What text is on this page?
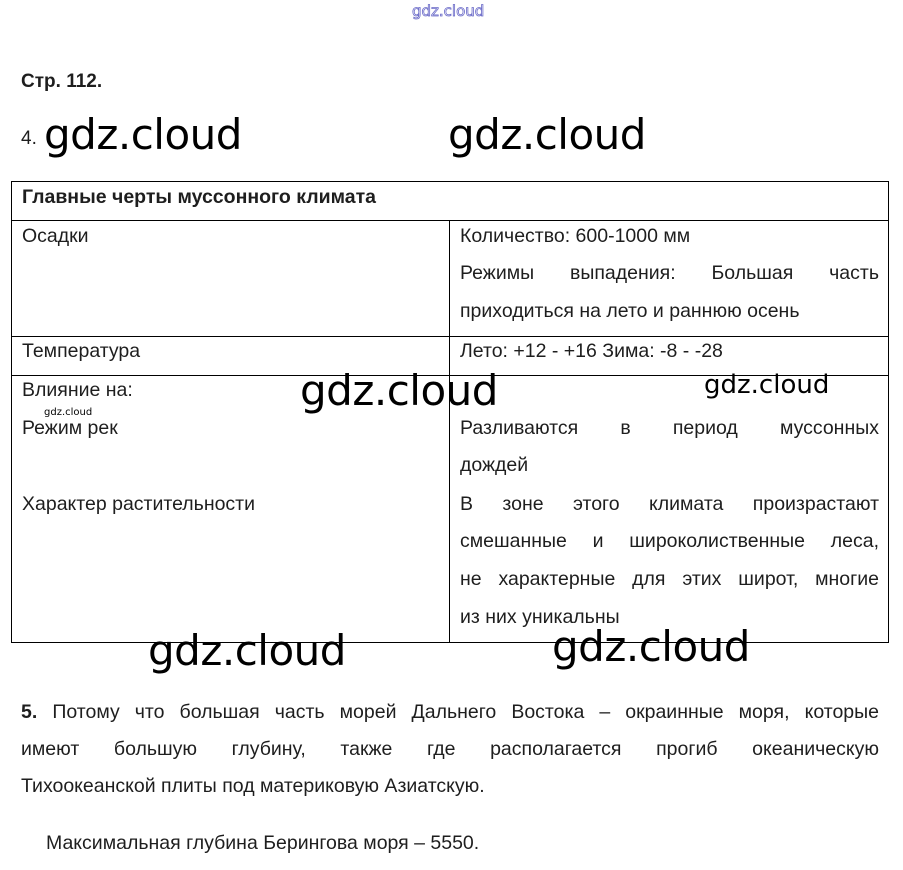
gdz.cloud
Стр. 112.
4. gdz.cloud	gdz.cloud
Главные черты муссонного климата
Осадки	Количество: 600-1000 мм
Режимы выпадения: Большая часть
приходиться на лето и раннюю осень
Температура	Лето: +12 - +16 Зима: -8 - -28
Влияние на:
Режим рек	Разливаются в период муссонных
дождей
Характер растительности	В зоне этого климата произрастают
смешанные и широколиственные леса,
не характерные для этих широт, многие
из них уникальны
gdz.cloud	gdz.cloud
gdz.cloud
gdz.cloud	gdz.cloud
5. Потому что большая часть морей Дальнего Востока – окраинные моря, которые
имеют большую глубину, также где располагается прогиб океаническую
Тихоокеанской плиты под материковую Азиатскую.
Максимальная глубина Берингова моря – 5550.
